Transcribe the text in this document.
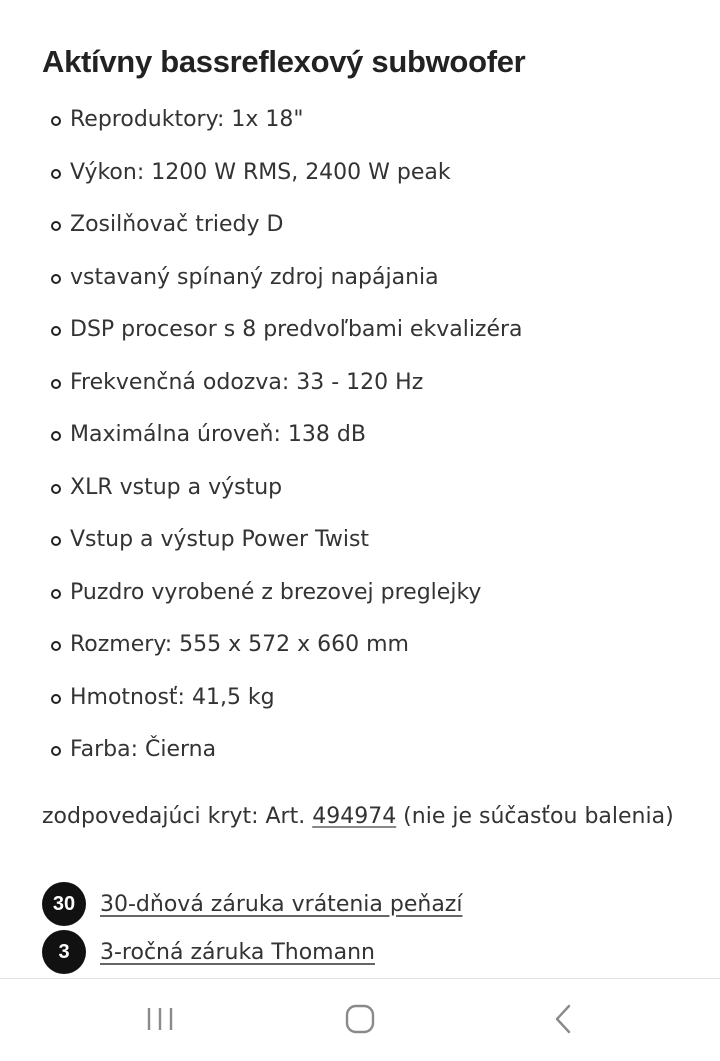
Aktívny bassreflexový subwoofer
Reproduktory: 1x 18"
Výkon: 1200 W RMS, 2400 W peak
Zosilňovač triedy D
vstavaný spínaný zdroj napájania
DSP procesor s 8 predvoľbami ekvalizéra
Frekvenčná odozva: 33 - 120 Hz
Maximálna úroveň: 138 dB
XLR vstup a výstup
Vstup a výstup Power Twist
Puzdro vyrobené z brezovej preglejky
Rozmery: 555 x 572 x 660 mm
Hmotnosť: 41,5 kg
Farba: Čierna

zodpovedajúci kryt: Art. 494974 (nie je súčasťou balenia)

30	30-dňová záruka vrátenia peňazí
3	3-ročná záruka Thomann
